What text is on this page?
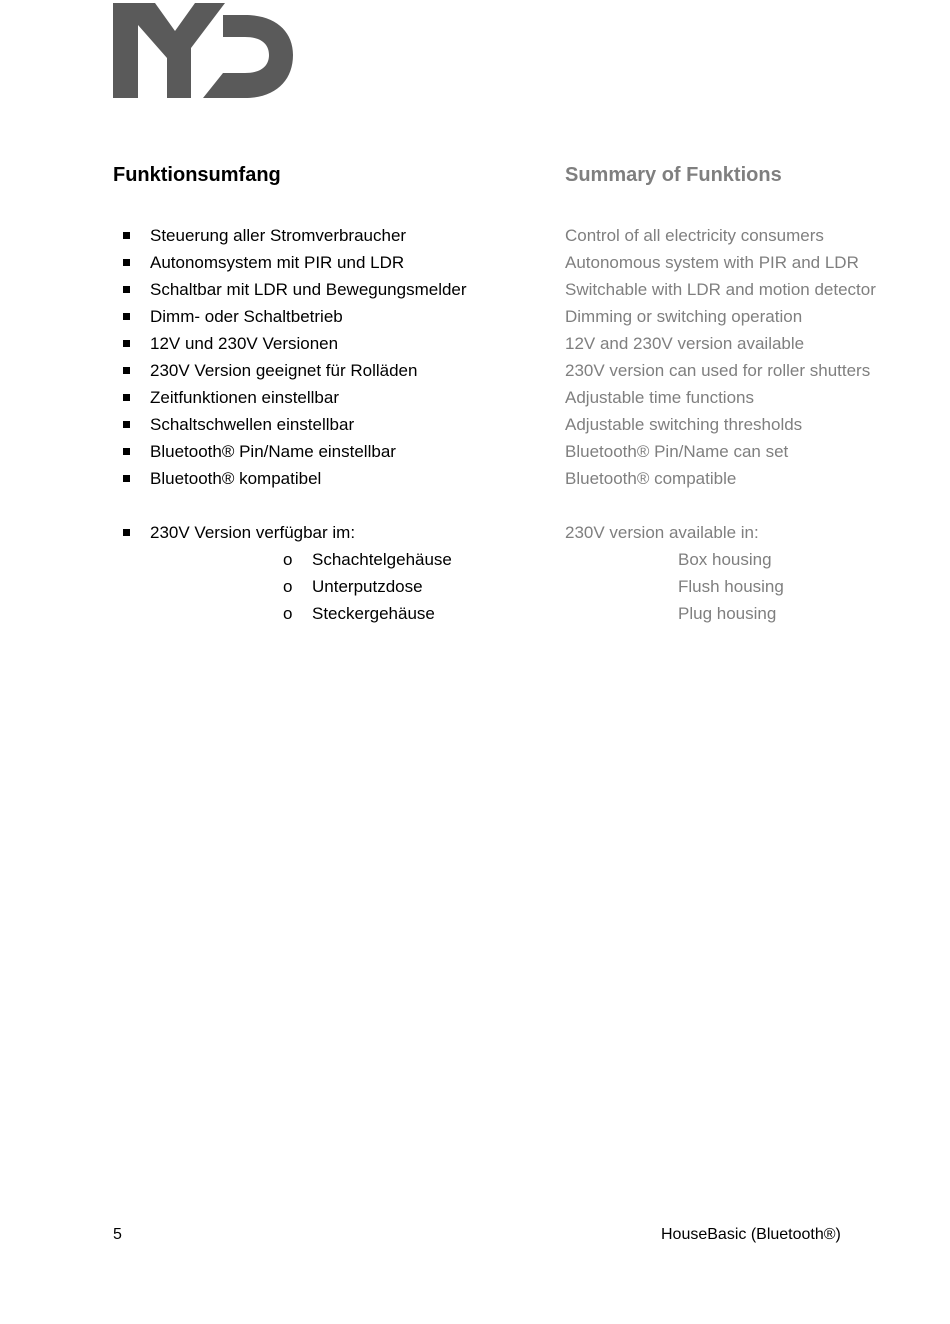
Funktionsumfang	Summary of Funktions
Steuerung aller Stromverbraucher
Autonomsystem mit PIR und LDR
Schaltbar mit LDR und Bewegungsmelder
Dimm- oder Schaltbetrieb
12V und 230V Versionen
230V Version geeignet für Rolläden
Zeitfunktionen einstellbar
Schaltschwellen einstellbar
Bluetooth® Pin/Name einstellbar
Bluetooth® kompatibel
230V Version verfügbar im:
o Schachtelgehäuse
o Unterputzdose
o Steckergehäuse
Control of all electricity consumers
Autonomous system with PIR and LDR
Switchable with LDR and motion detector
Dimming or switching operation
12V and 230V version available
230V version can used for roller shutters
Adjustable time functions
Adjustable switching thresholds
Bluetooth® Pin/Name can set
Bluetooth® compatible
230V version available in:
Box housing
Flush housing
Plug housing
5	HouseBasic (Bluetooth®)
